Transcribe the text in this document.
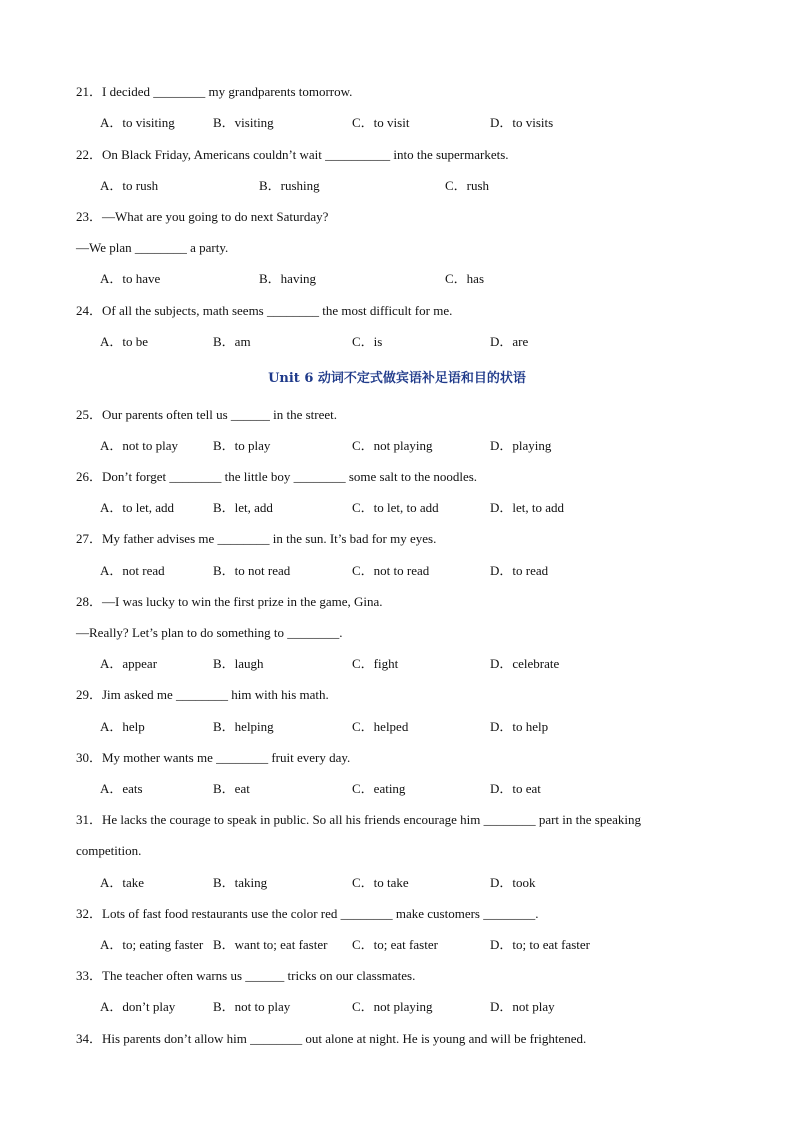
21．I decided ________ my grandparents tomorrow.
A．to visiting	B．visiting	C．to visit	D．to visits
22．On Black Friday, Americans couldn’t wait __________ into the supermarkets.
A．to rush	B．rushing	C．rush
23．—What are you going to do next Saturday?
—We plan ________ a party.
A．to have	B．having	C．has
24．Of all the subjects, math seems ________ the most difficult for me.
A．to be	B．am	C．is	D．are
Unit 6 动词不定式做宾语补足语和目的状语
25．Our parents often tell us ______ in the street.
A．not to play	B．to play	C．not playing	D．playing
26．Don’t forget ________ the little boy ________ some salt to the noodles.
A．to let, add	B．let, add	C．to let, to add	D．let, to add
27．My father advises me ________ in the sun. It’s bad for my eyes.
A．not read	B．to not read	C．not to read	D．to read
28．—I was lucky to win the first prize in the game, Gina.
—Really? Let’s plan to do something to ________.
A．appear	B．laugh	C．fight	D．celebrate
29．Jim asked me ________ him with his math.
A．help	B．helping	C．helped	D．to help
30．My mother wants me ________ fruit every day.
A．eats	B．eat	C．eating	D．to eat
31．He lacks the courage to speak in public. So all his friends encourage him ________ part in the speaking
competition.
A．take	B．taking	C．to take	D．took
32．Lots of fast food restaurants use the color red ________ make customers ________.
A．to; eating faster B．want to; eat faster C．to; eat faster	D．to; to eat faster
33．The teacher often warns us ______ tricks on our classmates.
A．don’t play	B．not to play	C．not playing	D．not play
34．His parents don’t allow him ________ out alone at night. He is young and will be frightened.
